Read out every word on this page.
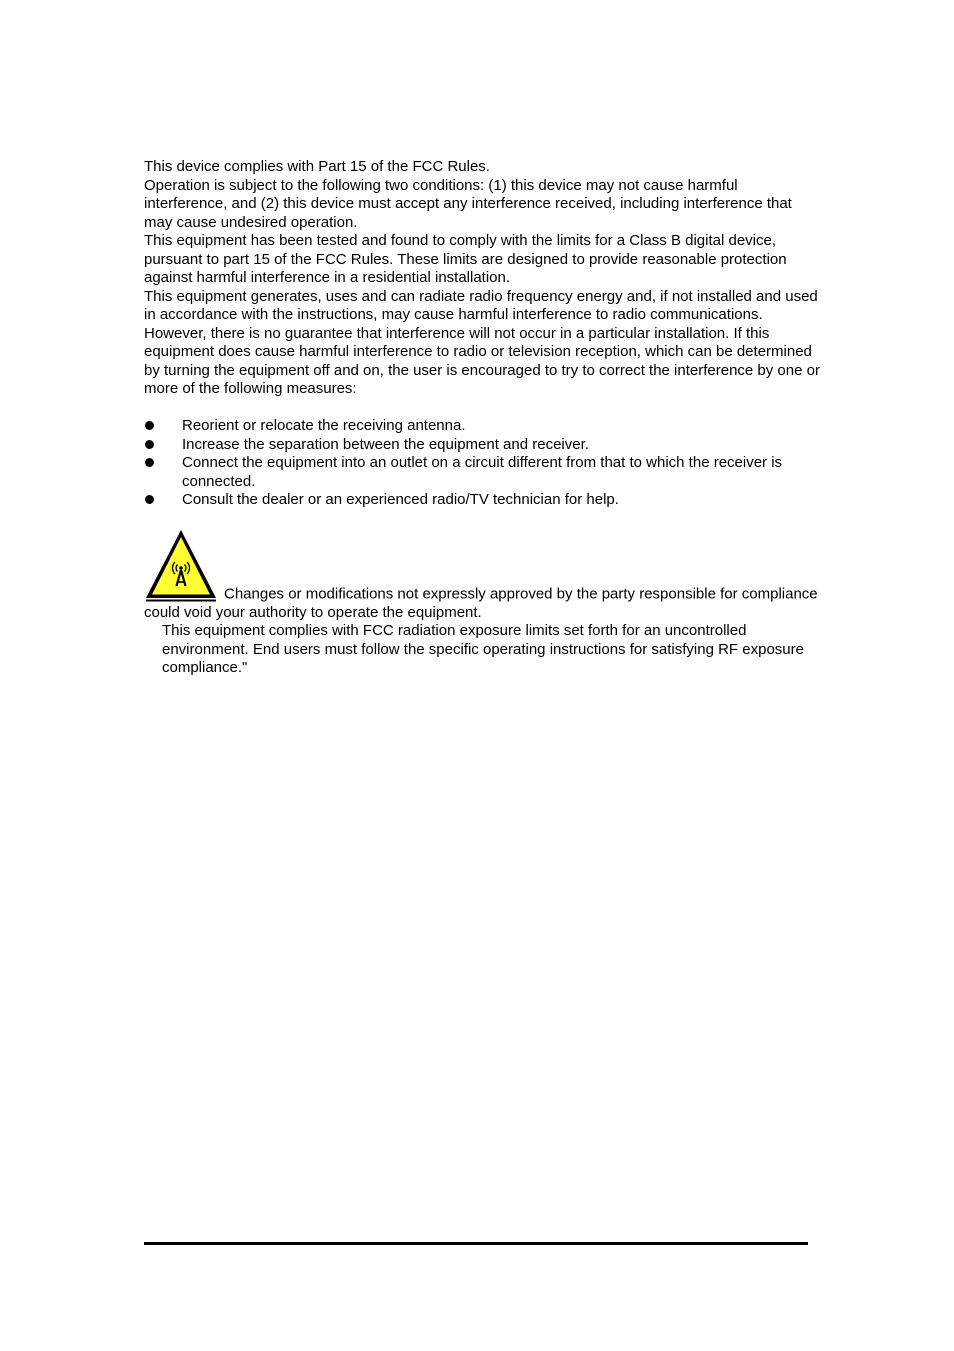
This device complies with Part 15 of the FCC Rules.

Operation is subject to the following two conditions: (1) this device may not cause harmful interference, and (2) this device must accept any interference received, including interference that may cause undesired operation.

This equipment has been tested and found to comply with the limits for a Class B digital device, pursuant to part 15 of the FCC Rules. These limits are designed to provide reasonable protection against harmful interference in a residential installation.

This equipment generates, uses and can radiate radio frequency energy and, if not installed and used in accordance with the instructions, may cause harmful interference to radio communications. However, there is no guarantee that interference will not occur in a particular installation. If this equipment does cause harmful interference to radio or television reception, which can be determined by turning the equipment off and on, the user is encouraged to try to correct the interference by one or more of the following measures:

Reorient or relocate the receiving antenna.
Increase the separation between the equipment and receiver.
Connect the equipment into an outlet on a circuit different from that to which the receiver is connected.
Consult the dealer or an experienced radio/TV technician for help.

Changes or modifications not expressly approved by the party responsible for compliance could void your authority to operate the equipment.

This equipment complies with FCC radiation exposure limits set forth for an uncontrolled environment. End users must follow the specific operating instructions for satisfying RF exposure compliance."
